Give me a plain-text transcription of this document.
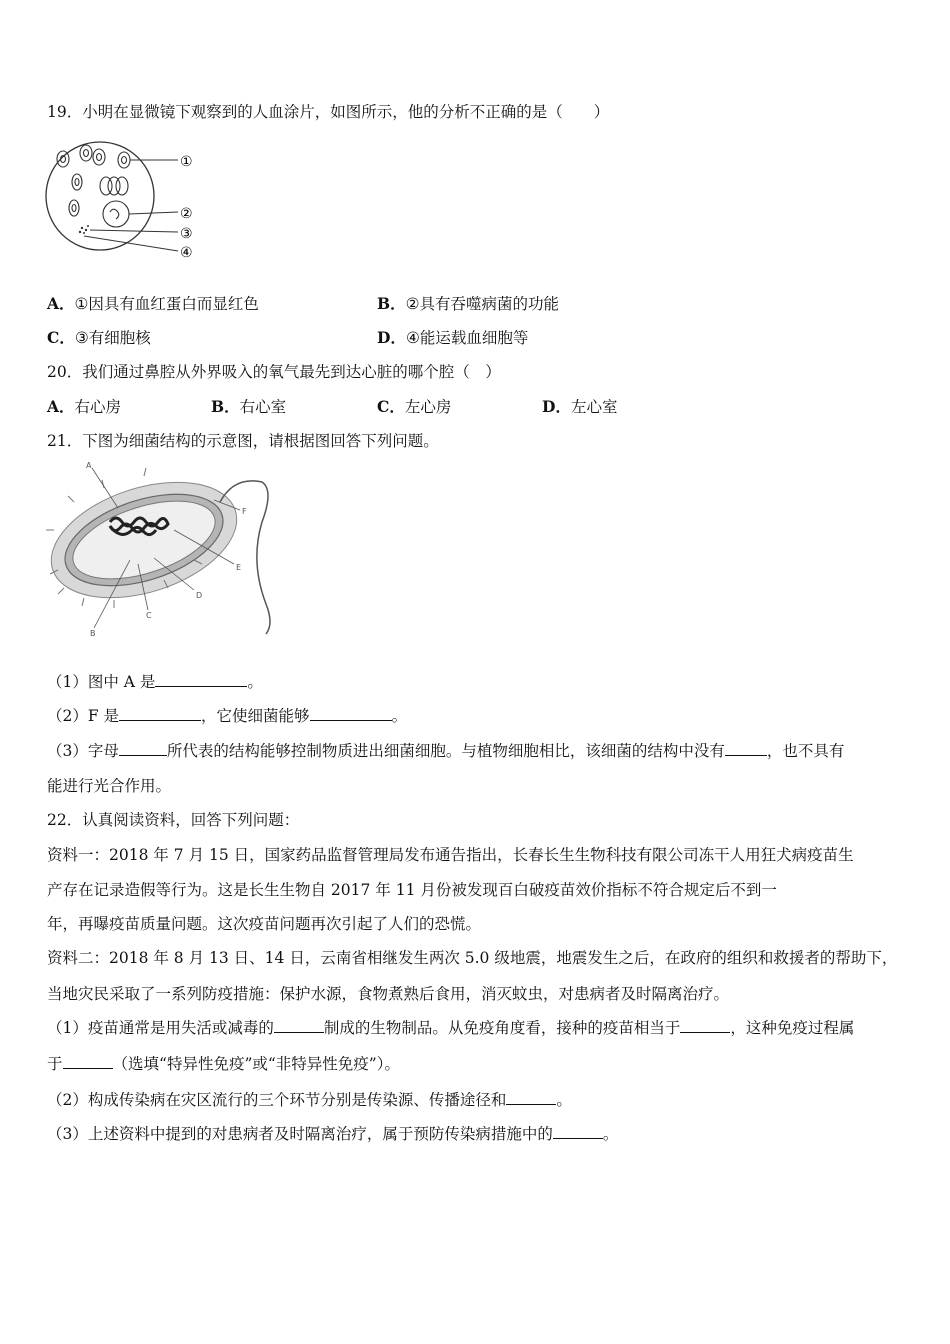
19．小明在显微镜下观察到的人血涂片，如图所示，他的分析不正确的是（　　）
①
②
③
④
A．①因具有血红蛋白而显红色	B．②具有吞噬病菌的功能
C．③有细胞核	D．④能运载血细胞等
20．我们通过鼻腔从外界吸入的氧气最先到达心脏的哪个腔（　）
A．右心房	B．右心室	C．左心房	D．左心室
21．下图为细菌结构的示意图，请根据图回答下列问题。
A
B
C
D
E
F
（1）图中 A 是	。
（2）F 是	，它使细菌能够	。
（3）字母	所代表的结构能够控制物质进出细菌细胞。与植物细胞相比，该细菌的结构中没有	，也不具有
能进行光合作用。
22．认真阅读资料，回答下列问题：
资料一：2018 年 7 月 15 日，国家药品监督管理局发布通告指出，长春长生生物科技有限公司冻干人用狂犬病疫苗生
产存在记录造假等行为。这是长生生物自 2017 年 11 月份被发现百白破疫苗效价指标不符合规定后不到一
年，再曝疫苗质量问题。这次疫苗问题再次引起了人们的恐慌。
资料二：2018 年 8 月 13 日、14 日，云南省相继发生两次 5.0 级地震，地震发生之后，在政府的组织和救援者的帮助下，
当地灾民采取了一系列防疫措施：保护水源，食物煮熟后食用，消灭蚊虫，对患病者及时隔离治疗。
（1）疫苗通常是用失活或减毒的	制成的生物制品。从免疫角度看，接种的疫苗相当于	，这种免疫过程属
于	（选填“特异性免疫”或“非特异性免疫”）。
（2）构成传染病在灾区流行的三个环节分别是传染源、传播途径和	。
（3）上述资料中提到的对患病者及时隔离治疗，属于预防传染病措施中的	。
